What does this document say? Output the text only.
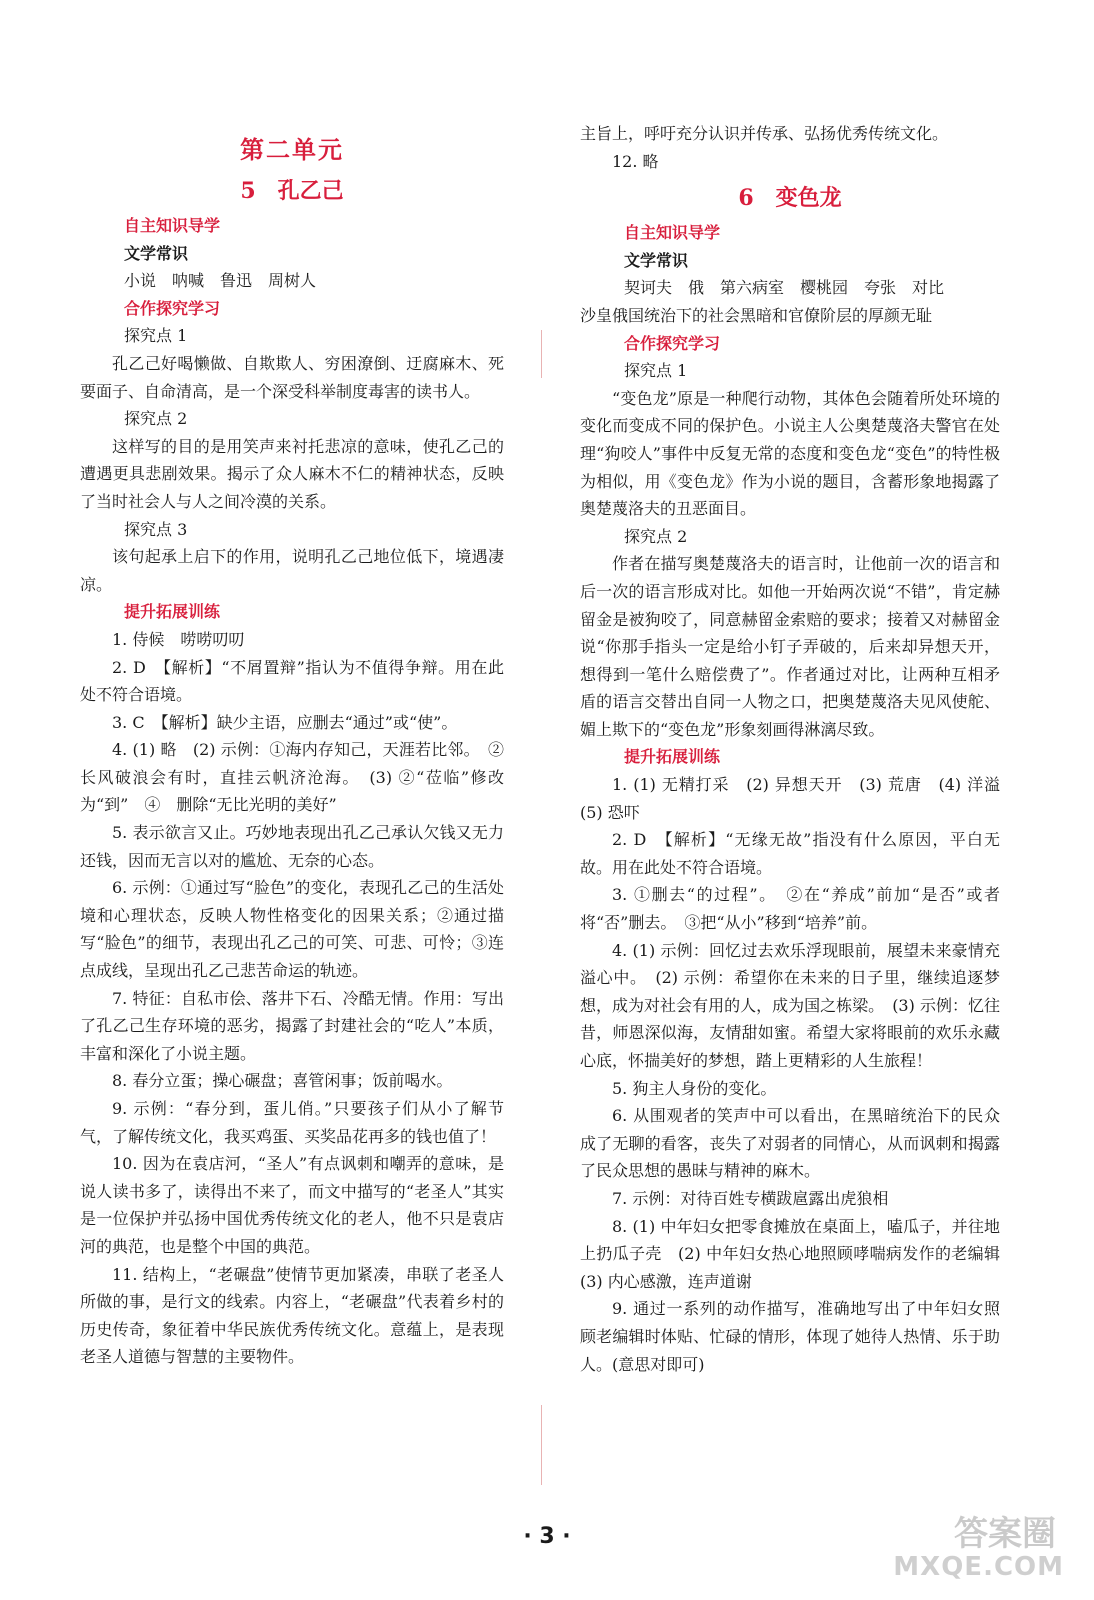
第二单元
5 孔乙己

自主知识导学

文学常识

小说　呐喊　鲁迅　周树人

合作探究学习

探究点 1

孔乙己好喝懒做、自欺欺人、穷困潦倒、迂腐麻木、死要面子、自命清高，是一个深受科举制度毒害的读书人。

探究点 2

这样写的目的是用笑声来衬托悲凉的意味，使孔乙己的遭遇更具悲剧效果。揭示了众人麻木不仁的精神状态，反映了当时社会人与人之间冷漠的关系。

探究点 3

该句起承上启下的作用，说明孔乙己地位低下，境遇凄凉。

提升拓展训练

1. 侍候　唠唠叨叨

2. D　【解析】“不屑置辩”指认为不值得争辩。用在此处不符合语境。

3. C　【解析】缺少主语，应删去“通过”或“使”。

4. (1) 略　(2) 示例：①海内存知己，天涯若比邻。　②长风破浪会有时，直挂云帆济沧海。　(3) ②“莅临”修改为“到”　④　删除“无比光明的美好”

5. 表示欲言又止。巧妙地表现出孔乙己承认欠钱又无力还钱，因而无言以对的尴尬、无奈的心态。

6. 示例：①通过写“脸色”的变化，表现孔乙己的生活处境和心理状态，反映人物性格变化的因果关系；②通过描写“脸色”的细节，表现出孔乙己的可笑、可悲、可怜；③连点成线，呈现出孔乙己悲苦命运的轨迹。

7. 特征：自私市侩、落井下石、冷酷无情。作用：写出了孔乙己生存环境的恶劣，揭露了封建社会的“吃人”本质，丰富和深化了小说主题。

8. 春分立蛋；操心碾盘；喜管闲事；饭前喝水。

9. 示例：“春分到，蛋儿俏。”只要孩子们从小了解节气，了解传统文化，我买鸡蛋、买奖品花再多的钱也值了！

10. 因为在袁店河，“圣人”有点讽刺和嘲弄的意味，是说人读书多了，读得出不来了，而文中描写的“老圣人”其实是一位保护并弘扬中国优秀传统文化的老人，他不只是袁店河的典范，也是整个中国的典范。

11. 结构上，“老碾盘”使情节更加紧凑，串联了老圣人所做的事，是行文的线索。内容上，“老碾盘”代表着乡村的历史传奇，象征着中华民族优秀传统文化。意蕴上，是表现老圣人道德与智慧的主要物件。

主旨上，呼吁充分认识并传承、弘扬优秀传统文化。

12. 略

6 变色龙

自主知识导学

文学常识

契诃夫　俄　第六病室　樱桃园　夸张　对比

沙皇俄国统治下的社会黑暗和官僚阶层的厚颜无耻

合作探究学习

探究点 1

“变色龙”原是一种爬行动物，其体色会随着所处环境的变化而变成不同的保护色。小说主人公奥楚蔑洛夫警官在处理“狗咬人”事件中反复无常的态度和变色龙“变色”的特性极为相似，用《变色龙》作为小说的题目，含蓄形象地揭露了奥楚蔑洛夫的丑恶面目。

探究点 2

作者在描写奥楚蔑洛夫的语言时，让他前一次的语言和后一次的语言形成对比。如他一开始两次说“不错”，肯定赫留金是被狗咬了，同意赫留金索赔的要求；接着又对赫留金说“你那手指头一定是给小钉子弄破的，后来却异想天开，想得到一笔什么赔偿费了”。作者通过对比，让两种互相矛盾的语言交替出自同一人物之口，把奥楚蔑洛夫见风使舵、媚上欺下的“变色龙”形象刻画得淋漓尽致。

提升拓展训练

1. (1) 无精打采　(2) 异想天开　(3) 荒唐　(4) 洋溢　(5) 恐吓

2. D　【解析】“无缘无故”指没有什么原因，平白无故。用在此处不符合语境。

3. ①删去“的过程”。　②在“养成”前加“是否”或者将“否”删去。　③把“从小”移到“培养”前。

4. (1) 示例：回忆过去欢乐浮现眼前，展望未来豪情充溢心中。　(2) 示例：希望你在未来的日子里，继续追逐梦想，成为对社会有用的人，成为国之栋梁。　(3) 示例：忆往昔，师恩深似海，友情甜如蜜。希望大家将眼前的欢乐永藏心底，怀揣美好的梦想，踏上更精彩的人生旅程！

5. 狗主人身份的变化。

6. 从围观者的笑声中可以看出，在黑暗统治下的民众成了无聊的看客，丧失了对弱者的同情心，从而讽刺和揭露了民众思想的愚昧与精神的麻木。

7. 示例：对待百姓专横跋扈露出虎狼相

8. (1) 中年妇女把零食摊放在桌面上，嗑瓜子，并往地上扔瓜子壳　(2) 中年妇女热心地照顾哮喘病发作的老编辑　(3) 内心感激，连声道谢

9. 通过一系列的动作描写，准确地写出了中年妇女照顾老编辑时体贴、忙碌的情形，体现了她待人热情、乐于助人。(意思对即可)

· 3 ·	答案圈
MXQE.COM
